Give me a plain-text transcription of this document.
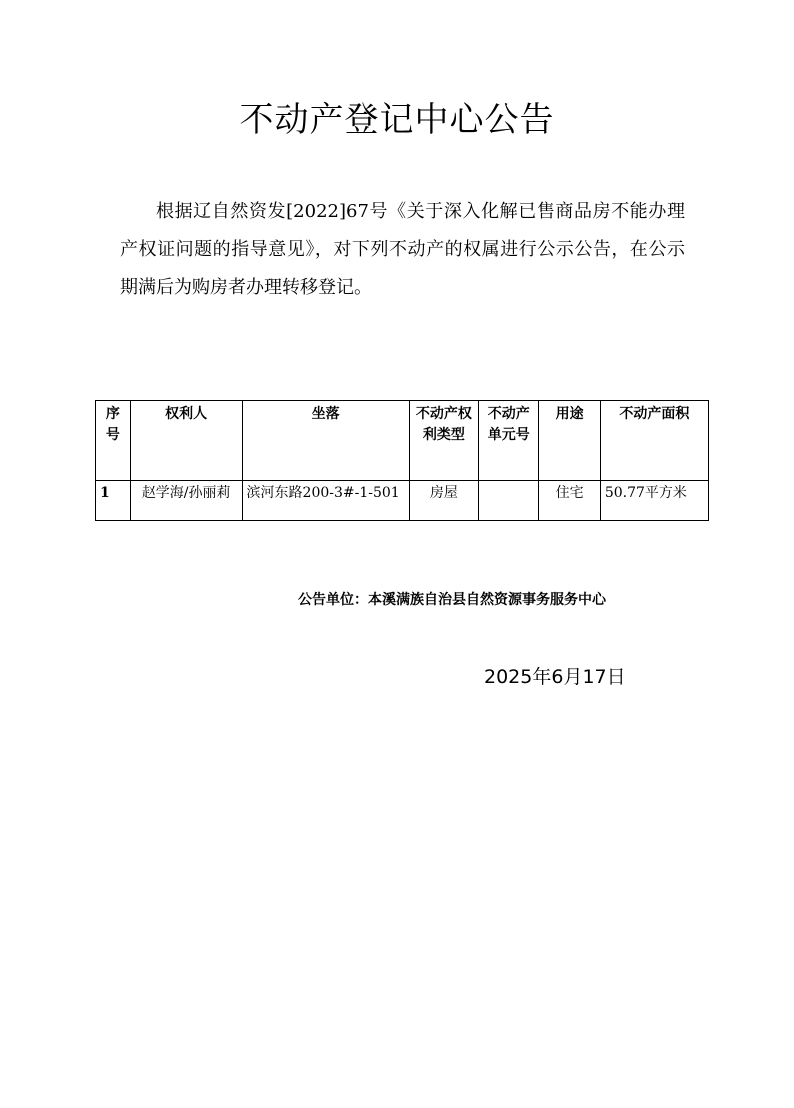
不动产登记中心公告
根据辽自然资发[2022]67号《关于深入化解已售商品房不能办理产权证问题的指导意见》，对下列不动产的权属进行公示公告，在公示期满后为购房者办理转移登记。
序号	权利人	坐落	不动产权利类型	不动产单元号	用途	不动产面积
1	赵学海/孙丽莉	滨河东路200-3#-1-501	房屋		住宅	50.77平方米
公告单位：本溪满族自治县自然资源事务服务中心
2025年6月17日
